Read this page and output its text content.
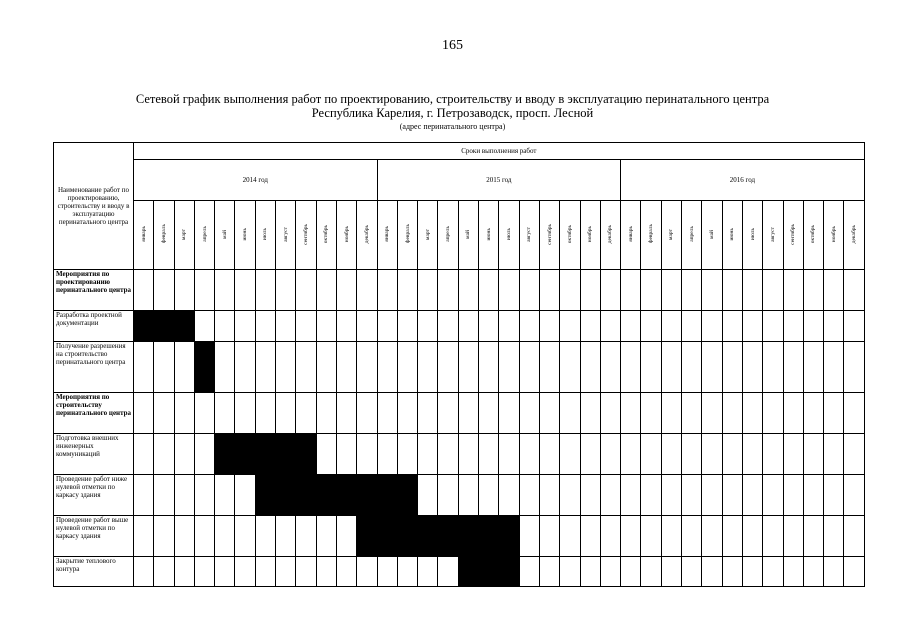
165
Сетевой график выполнения работ по проектированию, строительству и вводу в эксплуатацию перинатального центра
Республика Карелия, г. Петрозаводск, просп. Лесной
(адрес перинатального центра)
Наименование работ по проектированию, строительству и вводу в эксплуатацию перинатального центра	Сроки выполнения работ																																			
	2014 год												2015 год												2016 год											
	январь	февраль	март	апрель	май	июнь	июль	август	сентябрь	октябрь	ноябрь	декабрь	январь	февраль	март	апрель	май	июнь	июль	август	сентябрь	октябрь	ноябрь	декабрь	январь	февраль	март	апрель	май	июнь	июль	август	сентябрь	октябрь	ноябрь	декабрь
Мероприятия по проектированию перинатального центра																																				
Разработка проектной документации																																				
Получение разрешения на строительство перинатального центра																																				
Мероприятия по строительству перинатального центра																																				
Подготовка внешних инженерных коммуникаций																																				
Проведение работ ниже нулевой отметки по каркасу здания																																				
Проведение работ выше нулевой отметки по каркасу здания																																				
Закрытие теплового контура																																				
